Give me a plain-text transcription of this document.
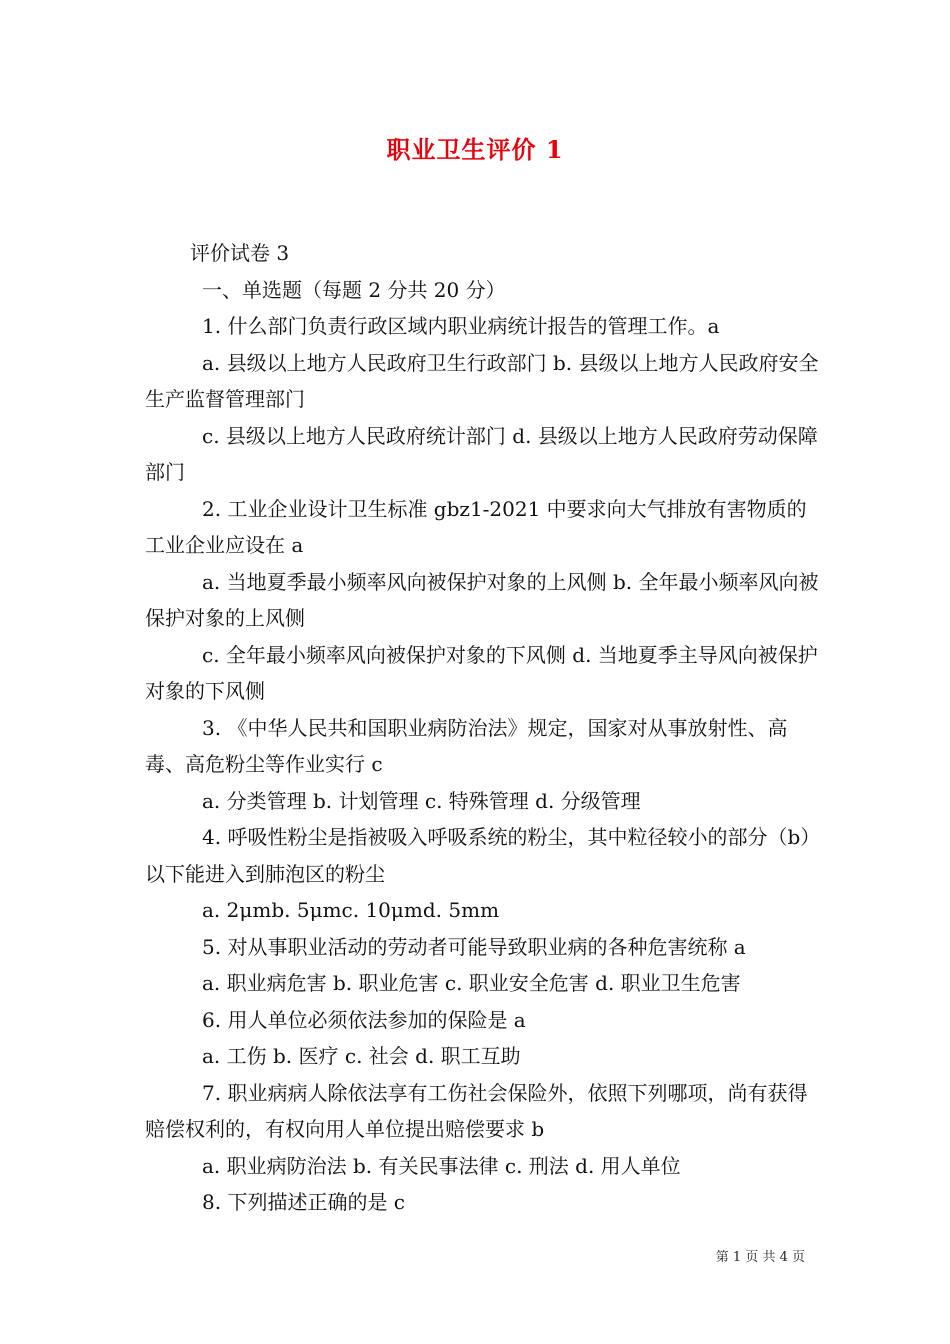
职业卫生评价 1

评价试卷 3

一、单选题（每题 2 分共 20 分）

1. 什么部门负责行政区域内职业病统计报告的管理工作。a

a. 县级以上地方人民政府卫生行政部门 b. 县级以上地方人民政府安全生产监督管理部门

c. 县级以上地方人民政府统计部门 d. 县级以上地方人民政府劳动保障部门

2. 工业企业设计卫生标准 gbz1-2021 中要求向大气排放有害物质的工业企业应设在 a

a. 当地夏季最小频率风向被保护对象的上风侧 b. 全年最小频率风向被保护对象的上风侧

c. 全年最小频率风向被保护对象的下风侧 d. 当地夏季主导风向被保护对象的下风侧

3. 《中华人民共和国职业病防治法》规定，国家对从事放射性、高毒、高危粉尘等作业实行 c

a. 分类管理 b. 计划管理 c. 特殊管理 d. 分级管理

4. 呼吸性粉尘是指被吸入呼吸系统的粉尘，其中粒径较小的部分（b）以下能进入到肺泡区的粉尘

a. 2μmb. 5μmc. 10μmd. 5mm

5. 对从事职业活动的劳动者可能导致职业病的各种危害统称 a

a. 职业病危害 b. 职业危害 c. 职业安全危害 d. 职业卫生危害

6. 用人单位必须依法参加的保险是 a

a. 工伤 b. 医疗 c. 社会 d. 职工互助

7. 职业病病人除依法享有工伤社会保险外，依照下列哪项，尚有获得赔偿权利的，有权向用人单位提出赔偿要求 b

a. 职业病防治法 b. 有关民事法律 c. 刑法 d. 用人单位

8. 下列描述正确的是 c

第 1 页 共 4 页
